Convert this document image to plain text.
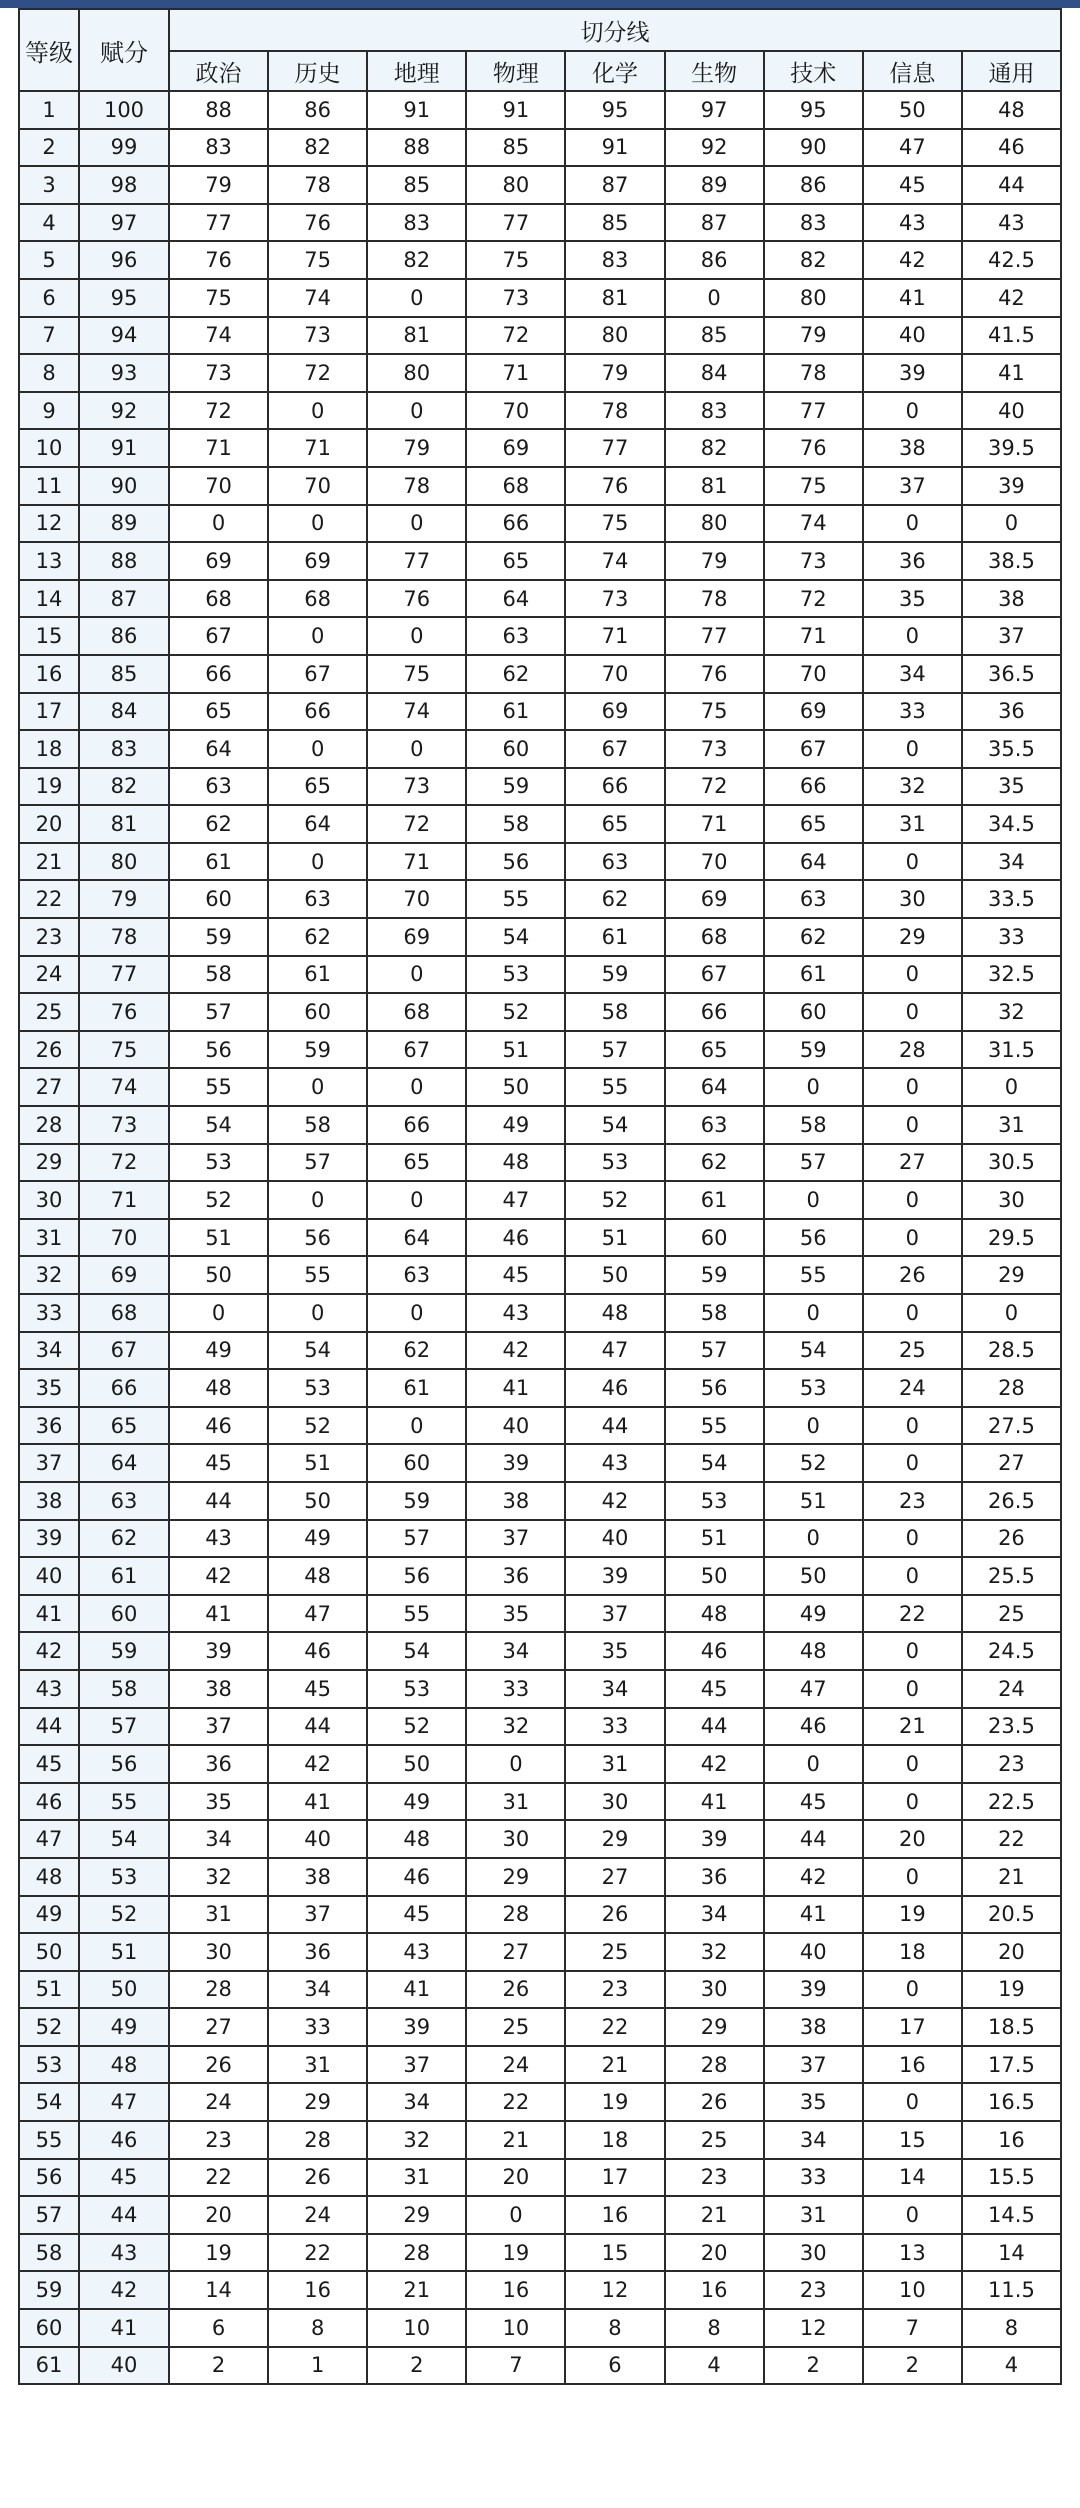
等级	赋分	切分线								
		政治	历史	地理	物理	化学	生物	技术	信息	通用
1	100	88	86	91	91	95	97	95	50	48
2	99	83	82	88	85	91	92	90	47	46
3	98	79	78	85	80	87	89	86	45	44
4	97	77	76	83	77	85	87	83	43	43
5	96	76	75	82	75	83	86	82	42	42.5
6	95	75	74	0	73	81	0	80	41	42
7	94	74	73	81	72	80	85	79	40	41.5
8	93	73	72	80	71	79	84	78	39	41
9	92	72	0	0	70	78	83	77	0	40
10	91	71	71	79	69	77	82	76	38	39.5
11	90	70	70	78	68	76	81	75	37	39
12	89	0	0	0	66	75	80	74	0	0
13	88	69	69	77	65	74	79	73	36	38.5
14	87	68	68	76	64	73	78	72	35	38
15	86	67	0	0	63	71	77	71	0	37
16	85	66	67	75	62	70	76	70	34	36.5
17	84	65	66	74	61	69	75	69	33	36
18	83	64	0	0	60	67	73	67	0	35.5
19	82	63	65	73	59	66	72	66	32	35
20	81	62	64	72	58	65	71	65	31	34.5
21	80	61	0	71	56	63	70	64	0	34
22	79	60	63	70	55	62	69	63	30	33.5
23	78	59	62	69	54	61	68	62	29	33
24	77	58	61	0	53	59	67	61	0	32.5
25	76	57	60	68	52	58	66	60	0	32
26	75	56	59	67	51	57	65	59	28	31.5
27	74	55	0	0	50	55	64	0	0	0
28	73	54	58	66	49	54	63	58	0	31
29	72	53	57	65	48	53	62	57	27	30.5
30	71	52	0	0	47	52	61	0	0	30
31	70	51	56	64	46	51	60	56	0	29.5
32	69	50	55	63	45	50	59	55	26	29
33	68	0	0	0	43	48	58	0	0	0
34	67	49	54	62	42	47	57	54	25	28.5
35	66	48	53	61	41	46	56	53	24	28
36	65	46	52	0	40	44	55	0	0	27.5
37	64	45	51	60	39	43	54	52	0	27
38	63	44	50	59	38	42	53	51	23	26.5
39	62	43	49	57	37	40	51	0	0	26
40	61	42	48	56	36	39	50	50	0	25.5
41	60	41	47	55	35	37	48	49	22	25
42	59	39	46	54	34	35	46	48	0	24.5
43	58	38	45	53	33	34	45	47	0	24
44	57	37	44	52	32	33	44	46	21	23.5
45	56	36	42	50	0	31	42	0	0	23
46	55	35	41	49	31	30	41	45	0	22.5
47	54	34	40	48	30	29	39	44	20	22
48	53	32	38	46	29	27	36	42	0	21
49	52	31	37	45	28	26	34	41	19	20.5
50	51	30	36	43	27	25	32	40	18	20
51	50	28	34	41	26	23	30	39	0	19
52	49	27	33	39	25	22	29	38	17	18.5
53	48	26	31	37	24	21	28	37	16	17.5
54	47	24	29	34	22	19	26	35	0	16.5
55	46	23	28	32	21	18	25	34	15	16
56	45	22	26	31	20	17	23	33	14	15.5
57	44	20	24	29	0	16	21	31	0	14.5
58	43	19	22	28	19	15	20	30	13	14
59	42	14	16	21	16	12	16	23	10	11.5
60	41	6	8	10	10	8	8	12	7	8
61	40	2	1	2	7	6	4	2	2	4
